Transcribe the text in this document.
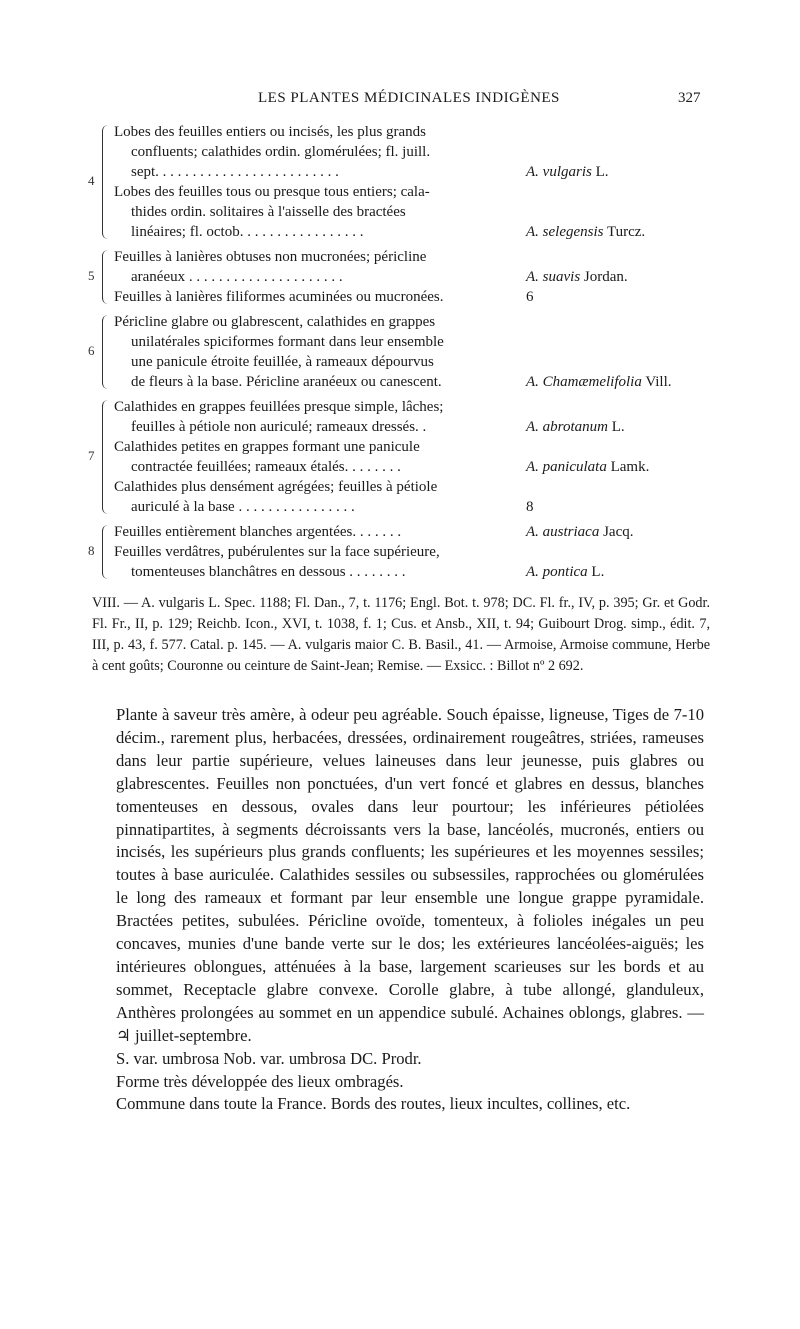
LES PLANTES MÉDICINALES INDIGÈNES	327
4
Lobes des feuilles entiers ou incisés, les plus grands
confluents; calathides ordin. glomérulées; fl. juill.
sept. . . . . . . . . . . . . . . . . . . . . . . . .	A. vulgaris L.
Lobes des feuilles tous ou presque tous entiers; cala-
thides ordin. solitaires à l'aisselle des bractées
linéaires; fl. octob. . . . . . . . . . . . . . . . .	A. selegensis Turcz.
5
Feuilles à lanières obtuses non mucronées; péricline
aranéeux . . . . . . . . . . . . . . . . . . . . .	A. suavis Jordan.
Feuilles à lanières filiformes acuminées ou mucronées.	6
6
Péricline glabre ou glabrescent, calathides en grappes
unilatérales spiciformes formant dans leur ensemble
une panicule étroite feuillée, à rameaux dépourvus
de fleurs à la base. Péricline aranéeux ou canescent.	A. Chamæmelifolia Vill.
7
Calathides en grappes feuillées presque simple, lâches;
feuilles à pétiole non auriculé; rameaux dressés. .	A. abrotanum L.
Calathides petites en grappes formant une panicule
contractée feuillées; rameaux étalés. . . . . . . .	A. paniculata Lamk.
Calathides plus densément agrégées; feuilles à pétiole
auriculé à la base . . . . . . . . . . . . . . . .	8
8
Feuilles entièrement blanches argentées. . . . . . .	A. austriaca Jacq.
Feuilles verdâtres, pubérulentes sur la face supérieure,
tomenteuses blanchâtres en dessous . . . . . . . .	A. pontica L.

VIII. — A. vulgaris L. Spec. 1188; Fl. Dan., 7, t. 1176; Engl. Bot. t. 978; DC. Fl. fr., IV, p. 395; Gr. et Godr. Fl. Fr., II, p. 129; Reichb. Icon., XVI, t. 1038, f. 1; Cus. et Ansb., XII, t. 94; Guibourt Drog. simp., édit. 7, III, p. 43, f. 577. Catal. p. 145. — A. vulgaris maior C. B. Basil., 41. — Armoise, Armoise commune, Herbe à cent goûts; Couronne ou ceinture de Saint-Jean; Remise. — Exsicc. : Billot nº 2 692.

Plante à saveur très amère, à odeur peu agréable. Souch épaisse, ligneuse, Tiges de 7-10 décim., rarement plus, herbacées, dressées, ordinairement rougeâtres, striées, rameuses dans leur partie supérieure, velues laineuses dans leur jeunesse, puis glabres ou glabrescentes. Feuilles non ponctuées, d'un vert foncé et glabres en dessus, blanches tomenteuses en dessous, ovales dans leur pourtour; les inférieures pétiolées pinnatipartites, à segments décroissants vers la base, lancéolés, mucronés, entiers ou incisés, les supérieurs plus grands confluents; les supérieures et les moyennes sessiles; toutes à base auriculée. Calathides sessiles ou subsessiles, rapprochées ou glomérulées le long des rameaux et formant par leur ensemble une longue grappe pyramidale. Bractées petites, subulées. Péricline ovoïde, tomenteux, à folioles inégales un peu concaves, munies d'une bande verte sur le dos; les extérieures lancéolées-aiguës; les intérieures oblongues, atténuées à la base, largement scarieuses sur les bords et au sommet, Receptacle glabre convexe. Corolle glabre, à tube allongé, glanduleux, Anthères prolongées au sommet en un appendice subulé. Achaines oblongs, glabres. — ♃ juillet-septembre.

S. var. umbrosa Nob. var. umbrosa DC. Prodr.

Forme très développée des lieux ombragés.

Commune dans toute la France. Bords des routes, lieux incultes, collines, etc.
